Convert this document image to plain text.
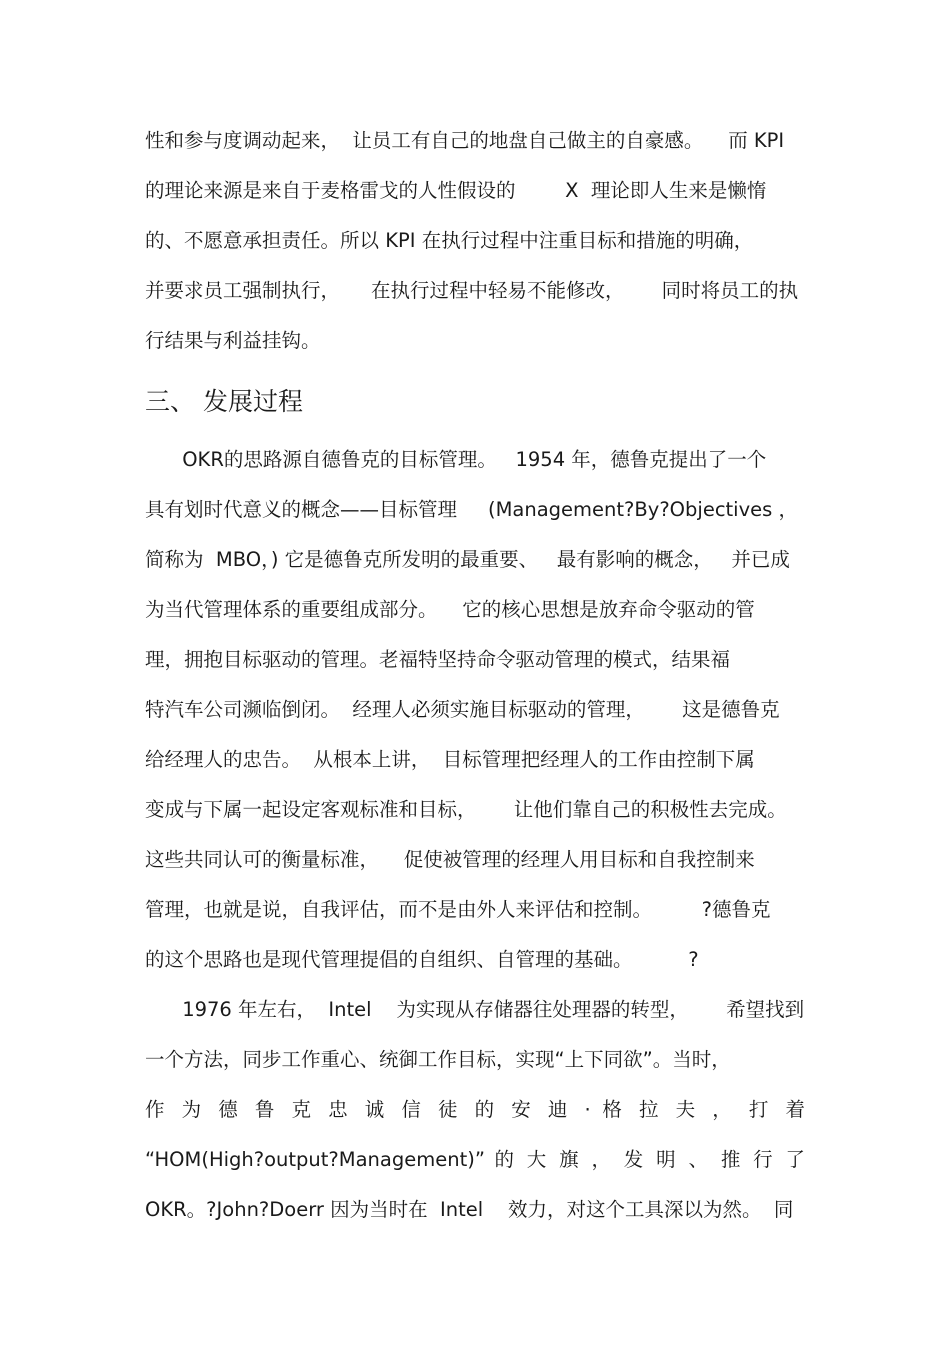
性和参与度调动起来，  让员工有自己的地盘自己做主的自豪感。    而 KPI
的理论来源是来自于麦格雷戈的人性假设的        X  理论即人生来是懒惰
的、不愿意承担责任。所以 KPI 在执行过程中注重目标和措施的明确，
并要求员工强制执行，     在执行过程中轻易不能修改，      同时将员工的执
行结果与利益挂钩。
三、 发展过程
OKR的思路源自德鲁克的目标管理。   1954 年，德鲁克提出了一个
具有划时代意义的概念——目标管理     (Management?By?Objectives ，
简称为  MBO，) 它是德鲁克所发明的最重要、   最有影响的概念，   并已成
为当代管理体系的重要组成部分。    它的核心思想是放弃命令驱动的管
理，拥抱目标驱动的管理。老福特坚持命令驱动管理的模式，结果福
特汽车公司濒临倒闭。  经理人必须实施目标驱动的管理，      这是德鲁克
给经理人的忠告。  从根本上讲，  目标管理把经理人的工作由控制下属
变成与下属一起设定客观标准和目标，      让他们靠自己的积极性去完成。
这些共同认可的衡量标准，    促使被管理的经理人用目标和自我控制来
管理，也就是说，自我评估，而不是由外人来评估和控制。        ?德鲁克
的这个思路也是现代管理提倡的自组织、自管理的基础。         ?
1976 年左右，  Intel    为实现从存储器往处理器的转型，      希望找到
一个方法，同步工作重心、统御工作目标，实现“上下同欲”。当时，
作 为 德 鲁 克 忠 诚 信 徒 的 安 迪 · 格 拉 夫 ， 打 着
“HOM(High?output?Management)” 的 大 旗 ， 发 明 、 推 行 了
OKR。?John?Doerr 因为当时在  Intel    效力，对这个工具深以为然。  同
